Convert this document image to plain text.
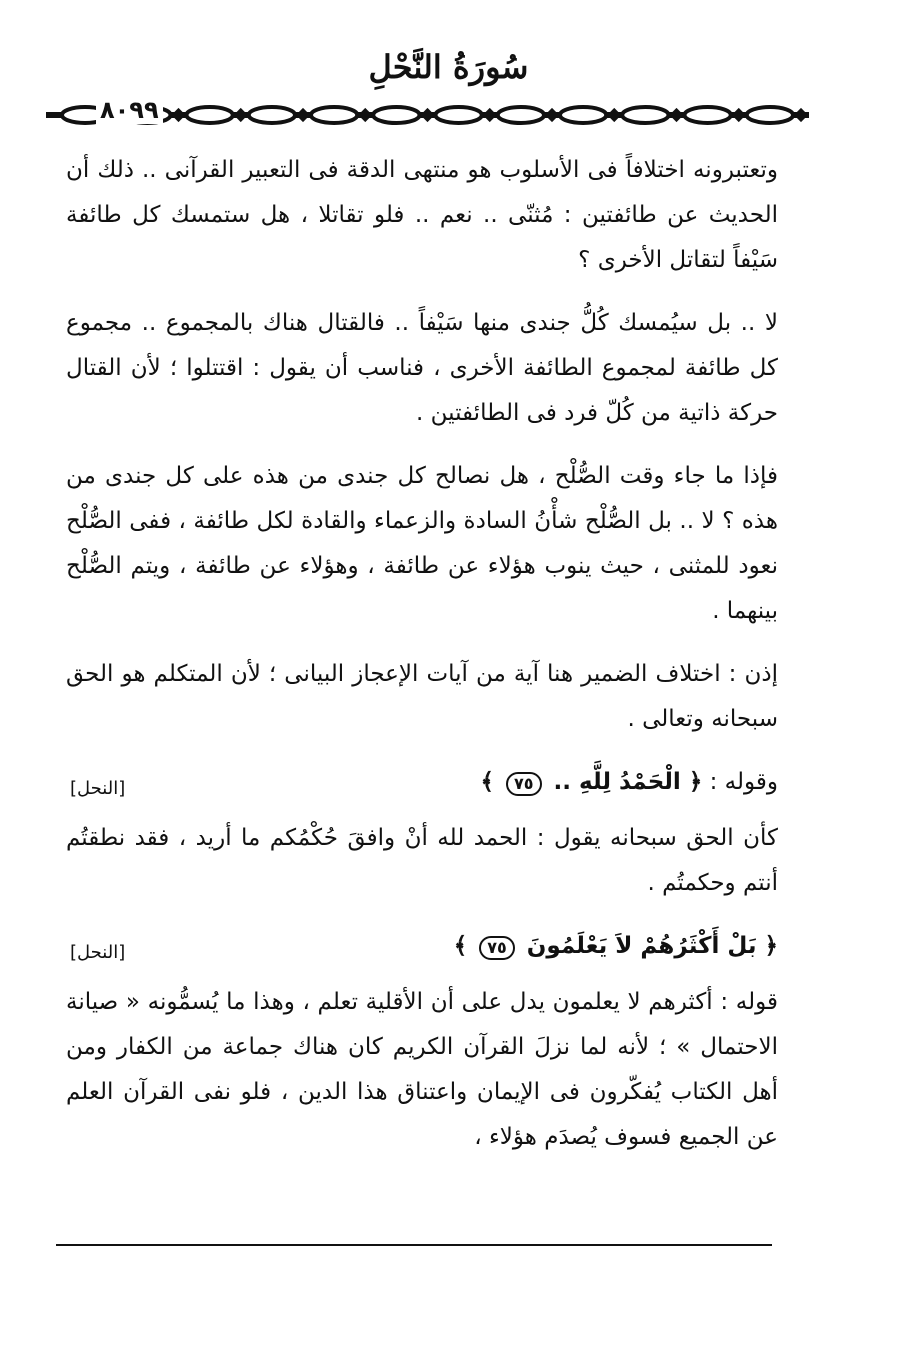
سُورَةُ النَّحْلِ
٨٠٩٩

وتعتبرونه اختلافاً فى الأسلوب هو منتهى الدقة فى التعبير القرآنى .. ذلك أن الحديث عن طائفتين : مُثنّى .. نعم .. فلو تقاتلا ، هل ستمسك كل طائفة سَيْفاً لتقاتل الأخرى ؟

لا .. بل سيُمسك كُلُّ جندى منها سَيْفاً .. فالقتال هناك بالمجموع .. مجموع كل طائفة لمجموع الطائفة الأخرى ، فناسب أن يقول : اقتتلوا ؛ لأن القتال حركة ذاتية من كُلّ فرد فى الطائفتين .

فإذا ما جاء وقت الصُّلْح ، هل نصالح كل جندى من هذه على كل جندى من هذه ؟ لا .. بل الصُّلْح شأْنُ السادة والزعماء والقادة لكل طائفة ، ففى الصُّلْح نعود للمثنى ، حيث ينوب هؤلاء عن طائفة ، وهؤلاء عن طائفة ، ويتم الصُّلْح بينهما .

إذن : اختلاف الضمير هنا آية من آيات الإعجاز البيانى ؛ لأن المتكلم هو الحق سبحانه وتعالى .

وقوله : ﴿ الْحَمْدُ لِلَّهِ .. ٧٥ ﴾
[النحل]

كأن الحق سبحانه يقول : الحمد لله أنْ وافقَ حُكْمُكم ما أريد ، فقد نطقتُم أنتم وحكمتُم .

﴿ بَلْ أَكْثَرُهُمْ لاَ يَعْلَمُونَ ٧٥ ﴾
[النحل]

قوله : أكثرهم لا يعلمون يدل على أن الأقلية تعلم ، وهذا ما يُسمُّونه « صيانة الاحتمال » ؛ لأنه لما نزلَ القرآن الكريم كان هناك جماعة من الكفار ومن أهل الكتاب يُفكّرون فى الإيمان واعتناق هذا الدين ، فلو نفى القرآن العلم عن الجميع فسوف يُصدَم هؤلاء ،
